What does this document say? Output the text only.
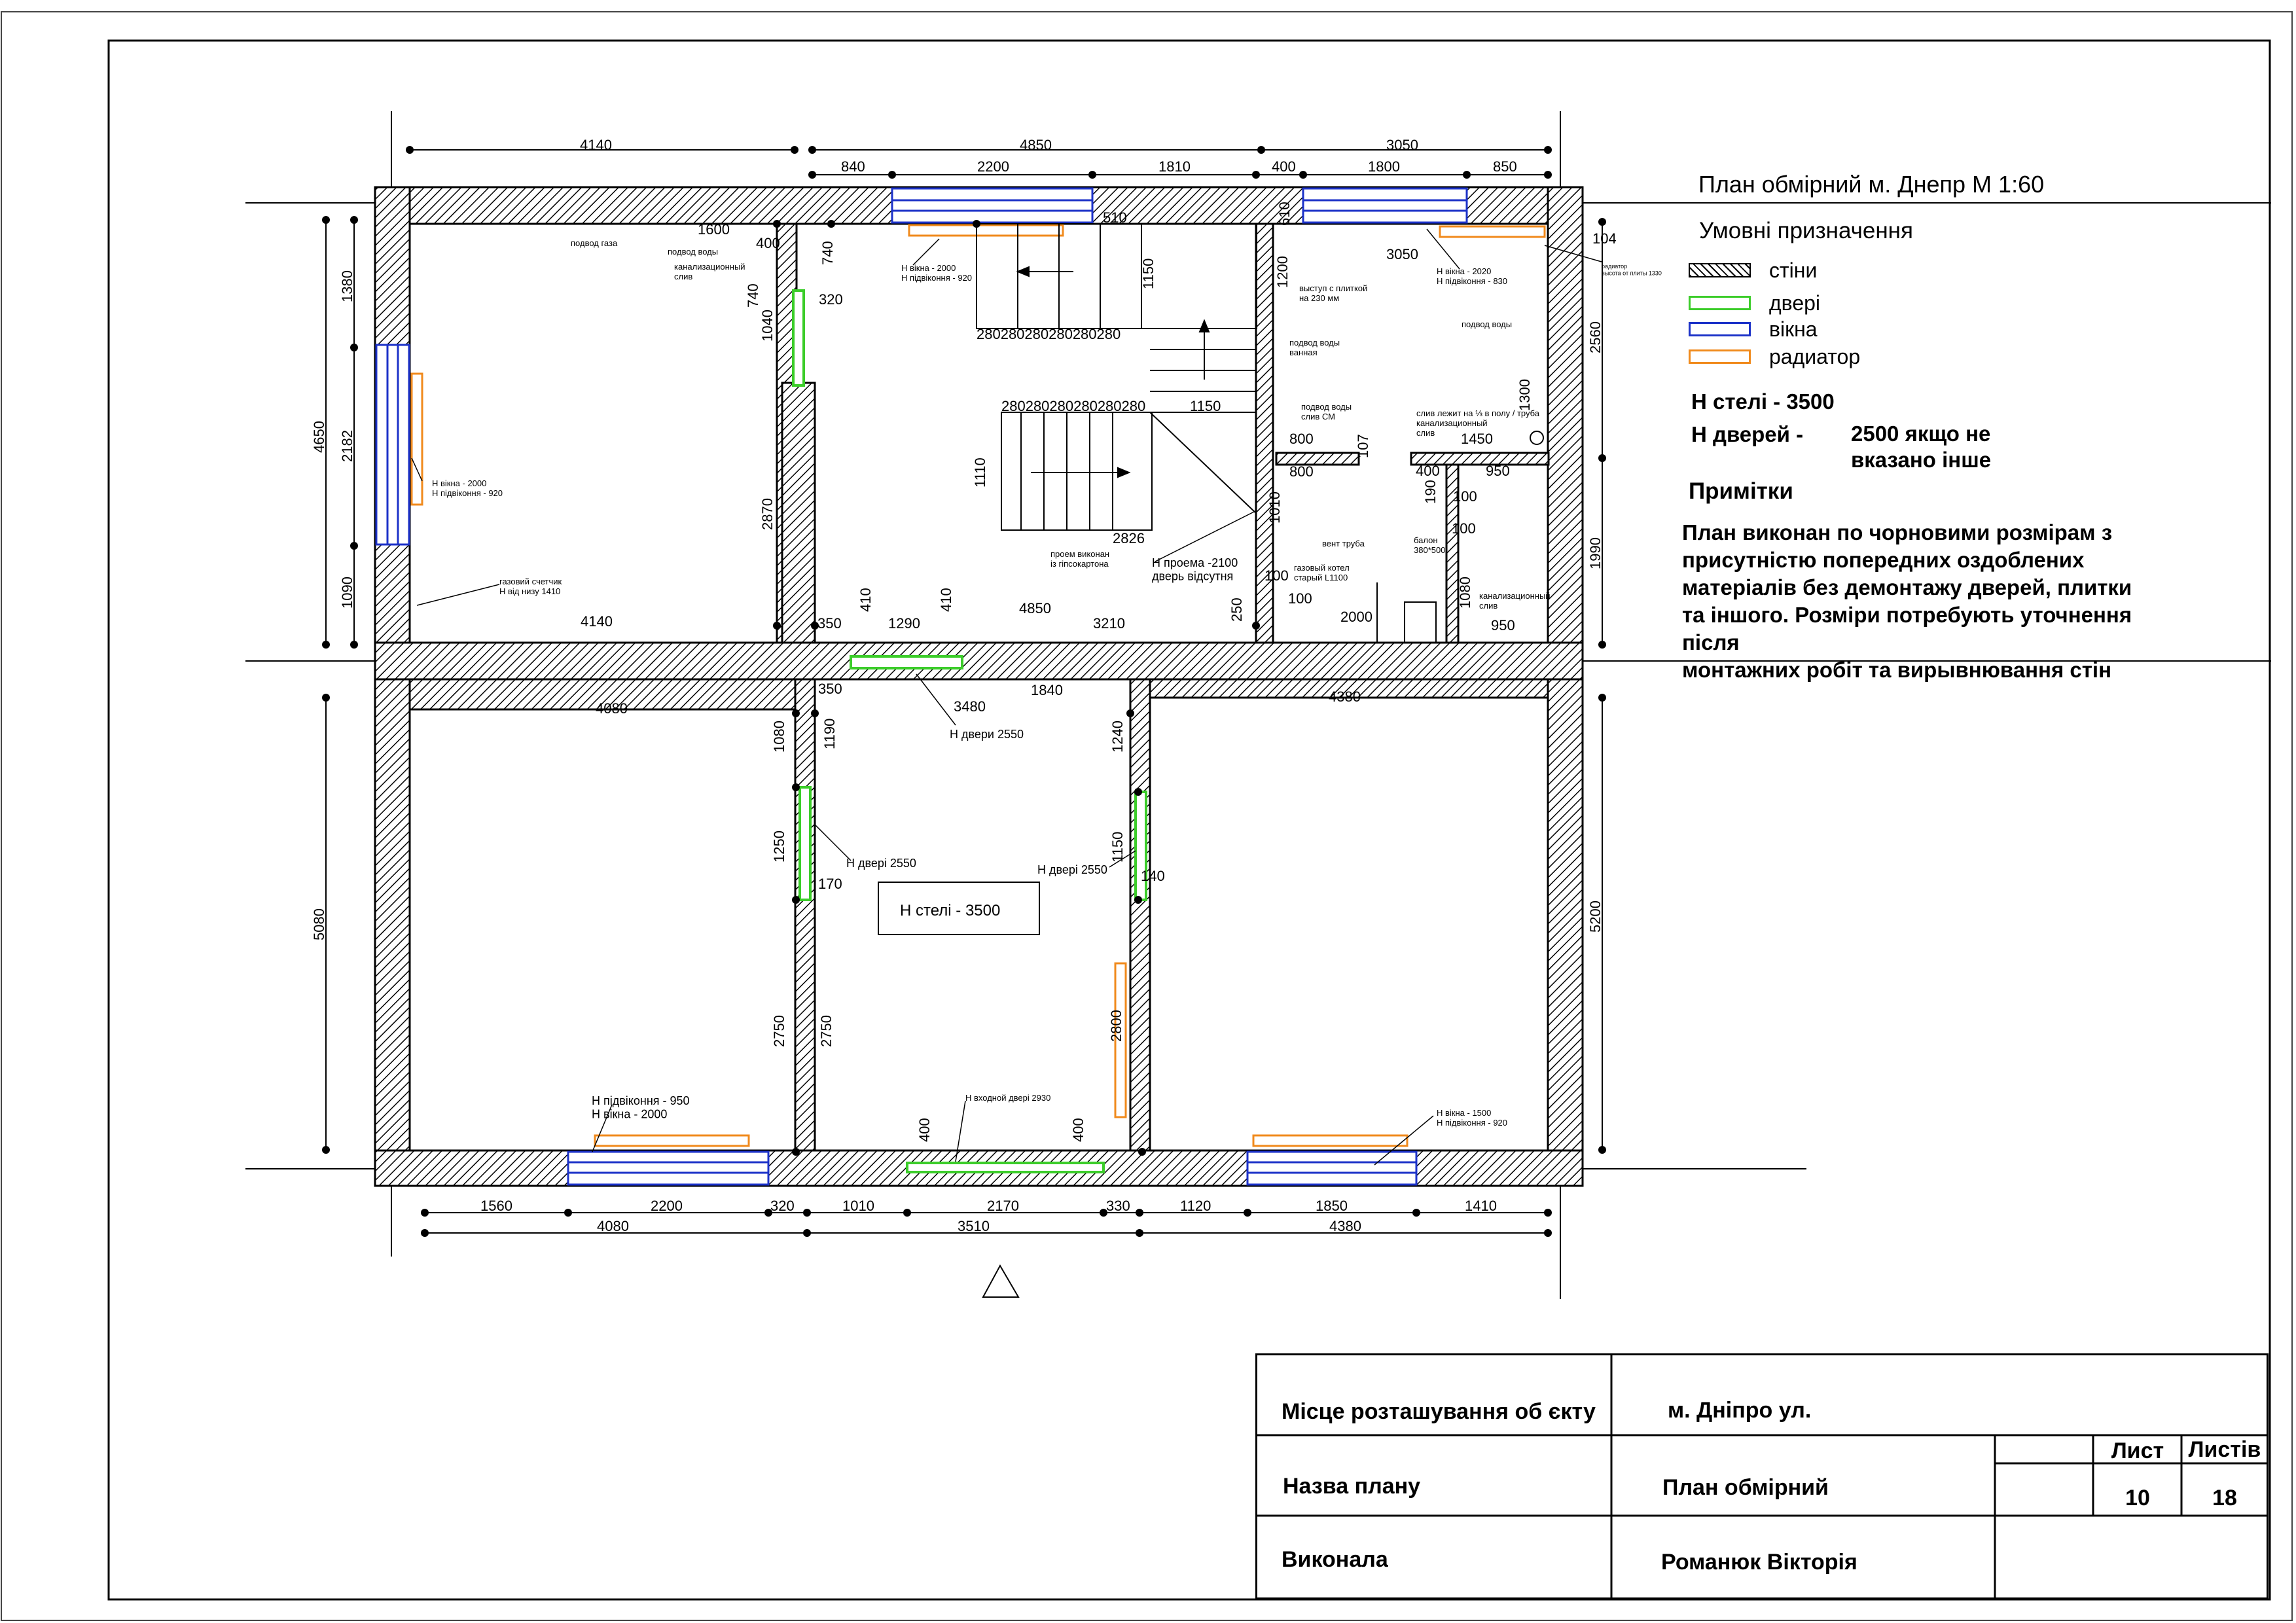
План обмірний м. Днепр М 1:60
4140	4850	3050
840	2200	1810	400	1800	850
1380
4650 2182
1090
5080
2560
1990
5200
1560	2200	320	1010	2170	330	1120	1850	1410
4080	3510	4380
1600
400	740
740	320
1040
2870
4140	350	1290
410	410	4850
3210
350
4080	3480
1840	4380
1080 1190	1240
1250
170
1150
140
2750 2750	2800
400	400
510
1150	1200
3050
280280280280280280
280280280280280280	1150
1110
2826
800
800
1010
1300
1450
950
190
400
100
100
1080
100
2000
950
100
250
107
104
610
Н стелі - 3500
подвод газа
подвод воды
канализационный слив
Н вікна - 2000 Н підвіконня - 920
Н вікна - 2000 Н підвіконня - 920
газовий счетчик Н від низу 1410
выступ с плиткой на 230 мм
подвод воды ванная
подвод воды слив СМ
Н вікна - 2020 Н підвіконня - 830
подвод воды
слив лежит на ⅓ в полу / труба канализационный слив
радиатор высота от плиты 1330
проем виконан із гіпсокартона	Н проема -2100 дверь відсутня
газовый котел старый L1100
вент труба	балон 380*500
канализационный слив
Н двери 2550
Н двері 2550	Н двері 2550
Н входной двері 2930
Н підвіконня - 950 Н вікна - 2000	Н вікна - 1500 Н підвіконня - 920
Умовні призначення
стіни
двері
вікна
радиатор
Н стелі - 3500
Н дверей - 2500 якщо не
вказано інше
Примітки
План виконан по чорновими розмірам з
присутністю попередних оздоблених
матеріалів без демонтажу дверей, плитки
та іншого. Розміри потребують уточнення
після
монтажних робіт та вирывнювання стін
Місце розташування об єкту	м. Дніпро ул.
Назва плану	План обмірний
Лист	Листів
10	18
Виконала	Романюк Вікторія
